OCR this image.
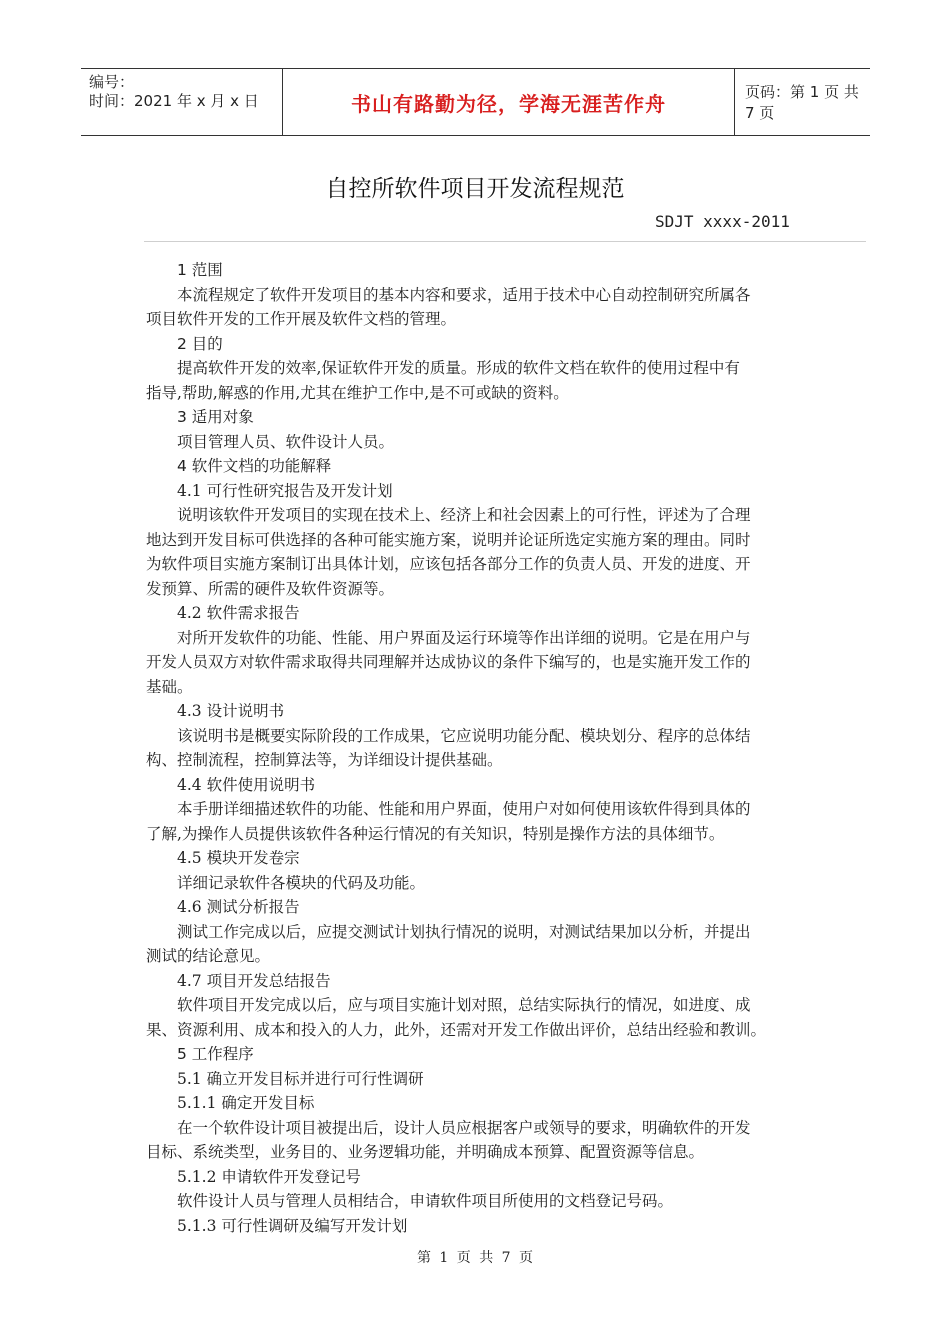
编号：
时间：2021 年 x 月 x 日	书山有路勤为径，学海无涯苦作舟	页码：第 1 页 共 7 页
自控所软件项目开发流程规范
SDJT xxxx-2011
1 范围
本流程规定了软件开发项目的基本内容和要求，适用于技术中心自动控制研究所属各
项目软件开发的工作开展及软件文档的管理。
2 目的
提高软件开发的效率,保证软件开发的质量。形成的软件文档在软件的使用过程中有
指导,帮助,解惑的作用,尤其在维护工作中,是不可或缺的资料。
3 适用对象
项目管理人员、软件设计人员。
4 软件文档的功能解释
4.1 可行性研究报告及开发计划
说明该软件开发项目的实现在技术上、经济上和社会因素上的可行性，评述为了合理
地达到开发目标可供选择的各种可能实施方案，说明并论证所选定实施方案的理由。同时
为软件项目实施方案制订出具体计划，应该包括各部分工作的负责人员、开发的进度、开
发预算、所需的硬件及软件资源等。
4.2 软件需求报告
对所开发软件的功能、性能、用户界面及运行环境等作出详细的说明。它是在用户与
开发人员双方对软件需求取得共同理解并达成协议的条件下编写的，也是实施开发工作的
基础。
4.3 设计说明书
该说明书是概要实际阶段的工作成果，它应说明功能分配、模块划分、程序的总体结
构、控制流程，控制算法等，为详细设计提供基础。
4.4 软件使用说明书
本手册详细描述软件的功能、性能和用户界面，使用户对如何使用该软件得到具体的
了解,为操作人员提供该软件各种运行情况的有关知识，特别是操作方法的具体细节。
4.5 模块开发卷宗
详细记录软件各模块的代码及功能。
4.6 测试分析报告
测试工作完成以后，应提交测试计划执行情况的说明，对测试结果加以分析，并提出
测试的结论意见。
4.7 项目开发总结报告
软件项目开发完成以后，应与项目实施计划对照，总结实际执行的情况，如进度、成
果、资源利用、成本和投入的人力，此外，还需对开发工作做出评价，总结出经验和教训。
5 工作程序
5.1 确立开发目标并进行可行性调研
5.1.1 确定开发目标
在一个软件设计项目被提出后，设计人员应根据客户或领导的要求，明确软件的开发
目标、系统类型，业务目的、业务逻辑功能，并明确成本预算、配置资源等信息。
5.1.2 申请软件开发登记号
软件设计人员与管理人员相结合，申请软件项目所使用的文档登记号码。
5.1.3 可行性调研及编写开发计划
第 1 页 共 7 页
